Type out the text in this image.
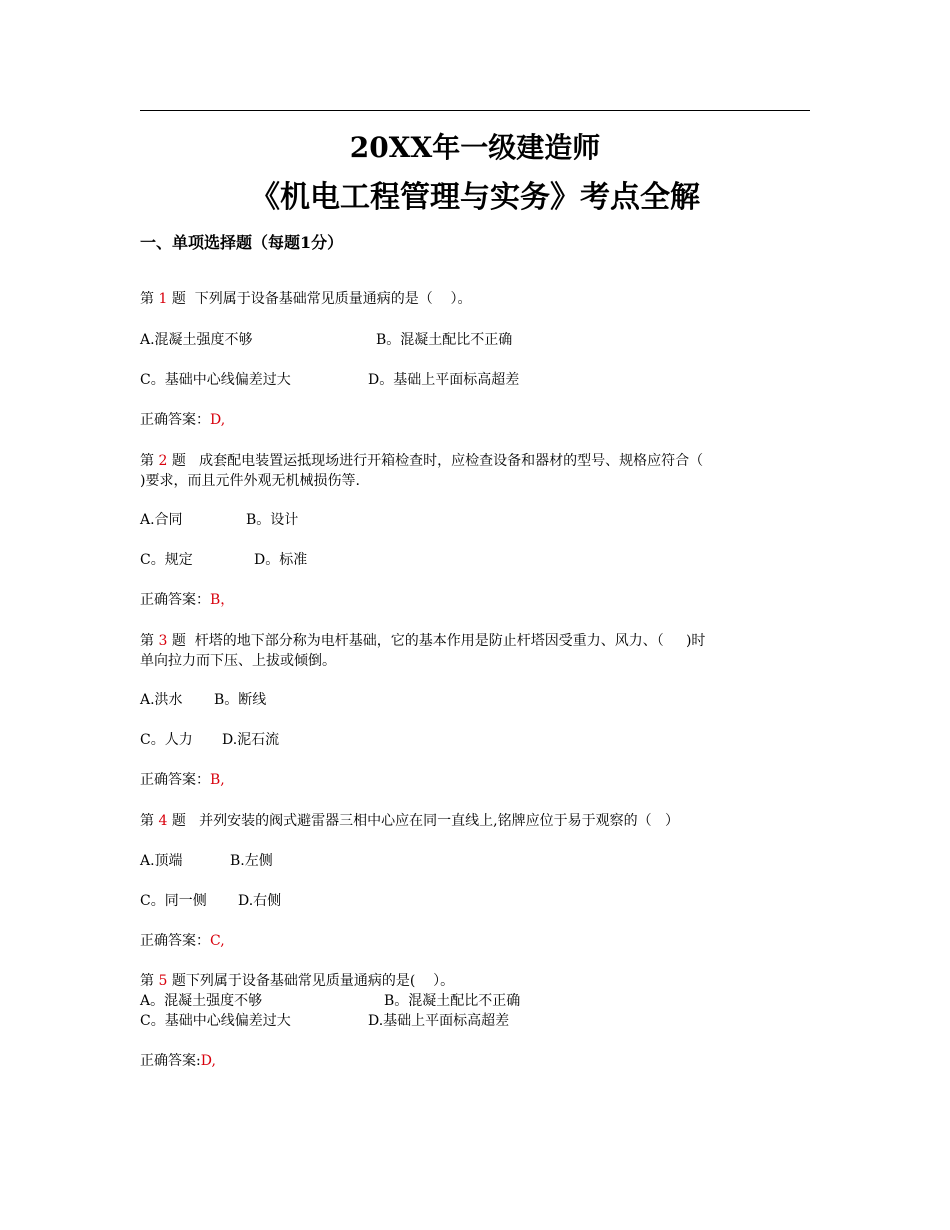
20XX年一级建造师
《机电工程管理与实务》考点全解
一、单项选择题（每题1分）
第 1 题  下列属于设备基础常见质量通病的是（    ）。
A.混凝土强度不够	B。混凝土配比不正确
C。基础中心线偏差过大	D。基础上平面标高超差
正确答案：D,
第 2 题   成套配电装置运抵现场进行开箱检查时，应检查设备和器材的型号、规格应符合（
)要求，而且元件外观无机械损伤等.
A.合同	B。设计
C。规定	D。标准
正确答案：B，
第 3 题  杆塔的地下部分称为电杆基础，它的基本作用是防止杆塔因受重力、风力、（     )时
单向拉力而下压、上拔或倾倒。
A.洪水 B。断线
C。人力 D.泥石流
正确答案：B,
第 4 题   并列安装的阀式避雷器三相中心应在同一直线上,铭牌应位于易于观察的（   ）
A.顶端	B.左侧
C。同一侧 D.右侧
正确答案：C,
第 5 题下列属于设备基础常见质量通病的是(    ）。
A。混凝土强度不够	B。混凝土配比不正确
C。基础中心线偏差过大	D.基础上平面标高超差
正确答案:D,
